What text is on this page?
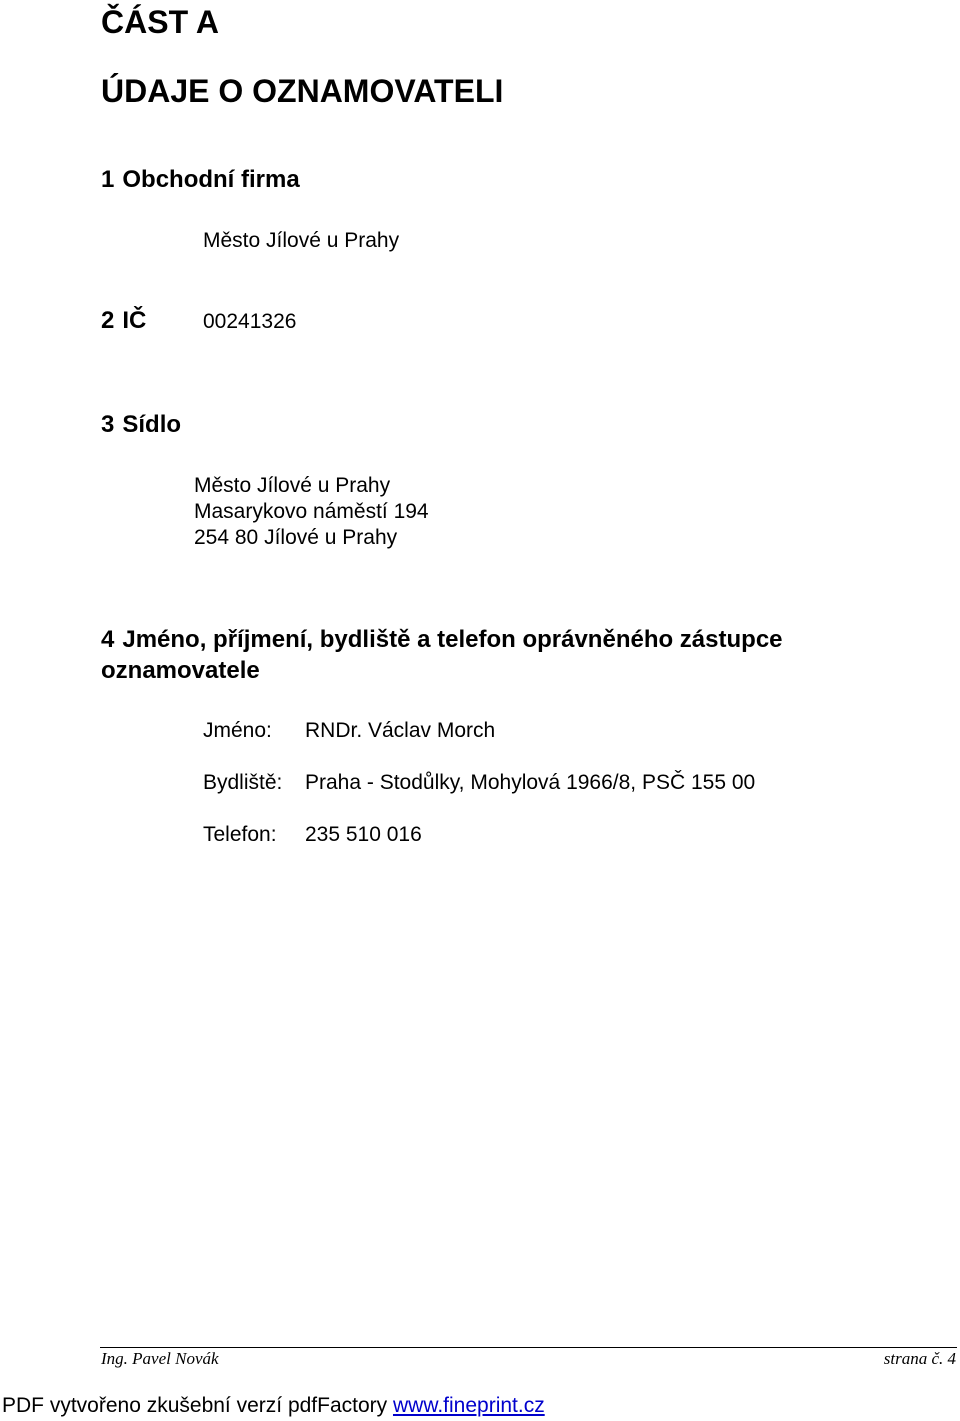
ČÁST A
ÚDAJE O OZNAMOVATELI
1 Obchodní firma
Město Jílové u Prahy
2 IČ	00241326
3 Sídlo
Město Jílové u Prahy
Masarykovo náměstí 194
254 80 Jílové u Prahy
4 Jméno, příjmení, bydliště a telefon oprávněného zástupce
oznamovatele
Jméno: RNDr. Václav Morch
Bydliště: Praha - Stodůlky, Mohylová 1966/8, PSČ 155 00
Telefon: 235 510 016
Ing. Pavel Novák	strana č. 4
PDF vytvořeno zkušební verzí pdfFactory www.fineprint.cz
